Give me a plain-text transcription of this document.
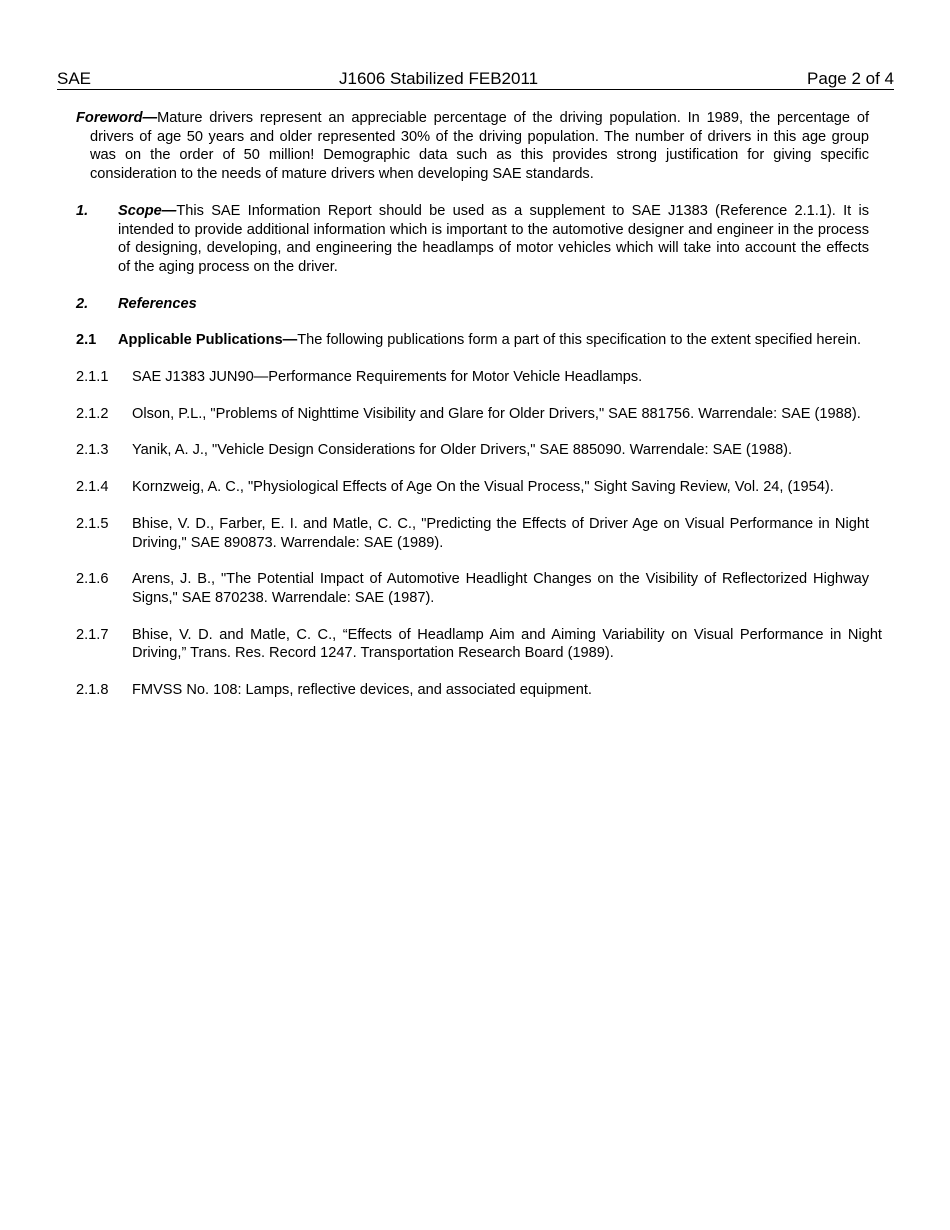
SAE	J1606 Stabilized FEB2011	Page 2 of 4

Foreword—Mature drivers represent an appreciable percentage of the driving population. In 1989, the percentage of drivers of age 50 years and older represented 30% of the driving population. The number of drivers in this age group was on the order of 50 million! Demographic data such as this provides strong justification for giving specific consideration to the needs of mature drivers when developing SAE standards.

1. Scope—This SAE Information Report should be used as a supplement to SAE J1383 (Reference 2.1.1). It is intended to provide additional information which is important to the automotive designer and engineer in the process of designing, developing, and engineering the headlamps of motor vehicles which will take into account the effects of the aging process on the driver.
2. References
2.1 Applicable Publications—The following publications form a part of this specification to the extent specified herein.
2.1.1 SAE J1383 JUN90—Performance Requirements for Motor Vehicle Headlamps.
2.1.2 Olson, P.L., "Problems of Nighttime Visibility and Glare for Older Drivers," SAE 881756. Warrendale: SAE (1988).
2.1.3 Yanik, A. J., "Vehicle Design Considerations for Older Drivers," SAE 885090. Warrendale: SAE (1988).
2.1.4 Kornzweig, A. C., "Physiological Effects of Age On the Visual Process," Sight Saving Review, Vol. 24, (1954).
2.1.5 Bhise, V. D., Farber, E. I. and Matle, C. C., "Predicting the Effects of Driver Age on Visual Performance in Night Driving," SAE 890873. Warrendale: SAE (1989).
2.1.6 Arens, J. B., "The Potential Impact of Automotive Headlight Changes on the Visibility of Reflectorized Highway Signs," SAE 870238. Warrendale: SAE (1987).
2.1.7 Bhise, V. D. and Matle, C. C., “Effects of Headlamp Aim and Aiming Variability on Visual Performance in Night Driving,” Trans. Res. Record 1247. Transportation Research Board (1989).
2.1.8 FMVSS No. 108: Lamps, reflective devices, and associated equipment.
